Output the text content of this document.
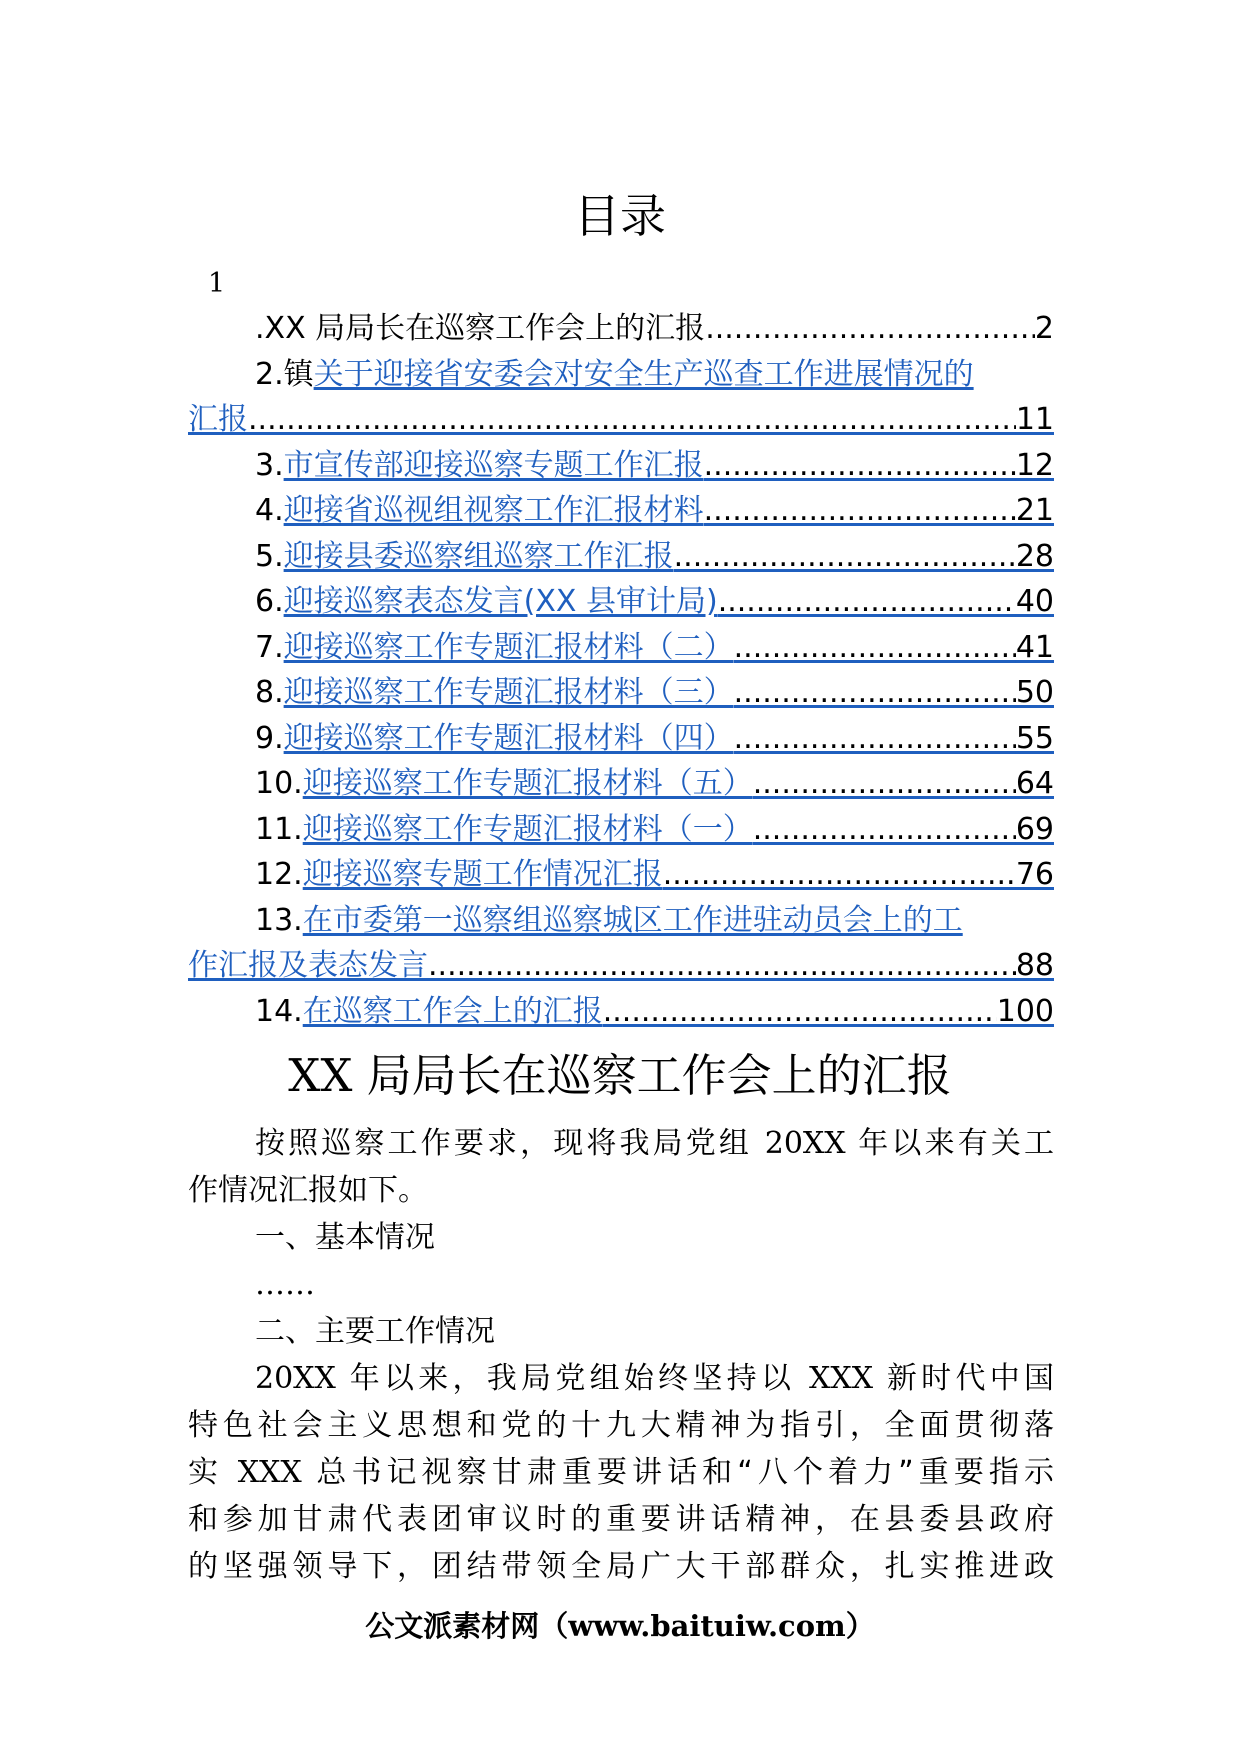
目录
1
.XX 局局长在巡察工作会上的汇报 .....	2
2.镇 关于迎接省安委会对安全生产巡查工作进展情况的
汇报 .....	11
3. 市宣传部迎接巡察专题工作汇报 .....	12
4. 迎接省巡视组视察工作汇报材料 .....	21
5. 迎接县委巡察组巡察工作汇报 .....	28
6. 迎接巡察表态发言(XX 县审计局) .....	40
7. 迎接巡察工作专题汇报材料（二） .....	41
8. 迎接巡察工作专题汇报材料（三） .....	50
9. 迎接巡察工作专题汇报材料（四） .....	55
10. 迎接巡察工作专题汇报材料（五） .....	64
11. 迎接巡察工作专题汇报材料（一） .....	69
12. 迎接巡察专题工作情况汇报 .....	76
13. 在市委第一巡察组巡察城区工作进驻动员会上的工
作汇报及表态发言 .....	88
14. 在巡察工作会上的汇报 .....	100
XX 局局长在巡察工作会上的汇报

按照巡察工作要求，现将我局党组 20XX 年以来有关工

作情况汇报如下。

一、基本情况

……

二、主要工作情况

20XX 年以来，我局党组始终坚持以 XXX 新时代中国

特色社会主义思想和党的十九大精神为指引，全面贯彻落

实 XXX 总书记视察甘肃重要讲话和“八个着力”重要指示

和参加甘肃代表团审议时的重要讲话精神，在县委县政府

的坚强领导下，团结带领全局广大干部群众，扎实推进政

公文派素材网（www.baituiw.com）
